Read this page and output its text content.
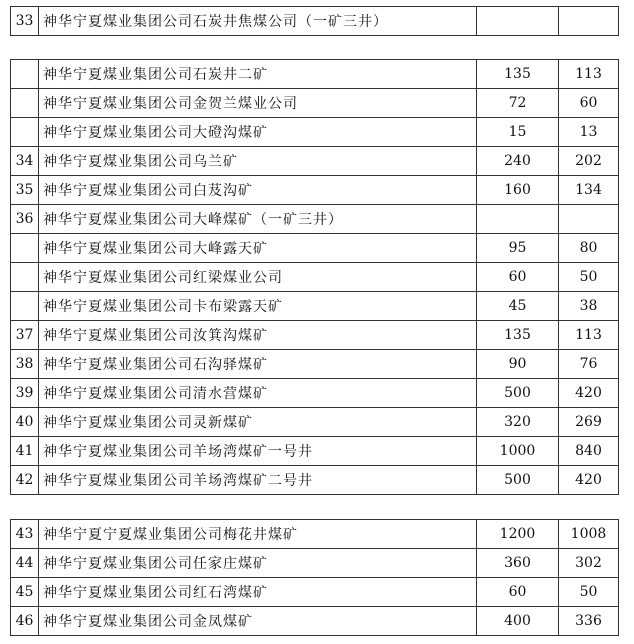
33	神华宁夏煤业集团公司石炭井焦煤公司（一矿三井）		
	神华宁夏煤业集团公司石炭井二矿	135	113
	神华宁夏煤业集团公司金贺兰煤业公司	72	60
	神华宁夏煤业集团公司大磴沟煤矿	15	13
34	神华宁夏煤业集团公司乌兰矿	240	202
35	神华宁夏煤业集团公司白芨沟矿	160	134
36	神华宁夏煤业集团公司大峰煤矿（一矿三井）		
	神华宁夏煤业集团公司大峰露天矿	95	80
	神华宁夏煤业集团公司红梁煤业公司	60	50
	神华宁夏煤业集团公司卡布梁露天矿	45	38
37	神华宁夏煤业集团公司汝箕沟煤矿	135	113
38	神华宁夏煤业集团公司石沟驿煤矿	90	76
39	神华宁夏煤业集团公司清水营煤矿	500	420
40	神华宁夏煤业集团公司灵新煤矿	320	269
41	神华宁夏煤业集团公司羊场湾煤矿一号井	1000	840
42	神华宁夏煤业集团公司羊场湾煤矿二号井	500	420
43	神华宁夏宁夏煤业集团公司梅花井煤矿	1200	1008
44	神华宁夏煤业集团公司任家庄煤矿	360	302
45	神华宁夏煤业集团公司红石湾煤矿	60	50
46	神华宁夏煤业集团公司金凤煤矿	400	336
